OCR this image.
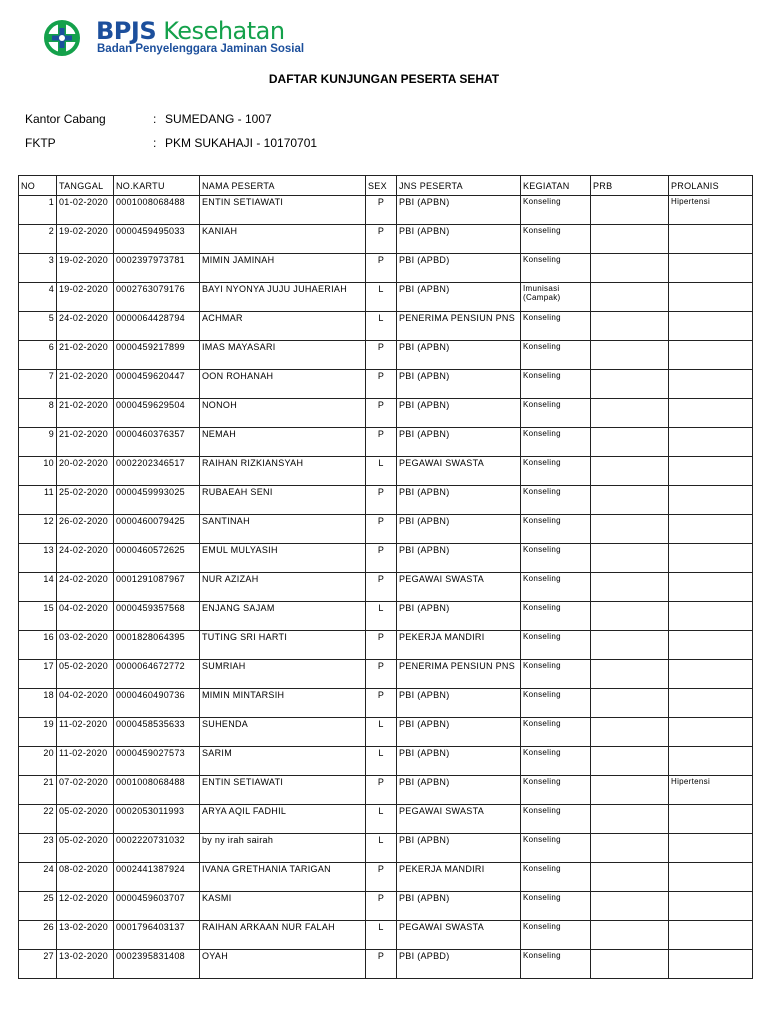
BPJS Kesehatan
Badan Penyelenggara Jaminan Sosial
DAFTAR KUNJUNGAN PESERTA SEHAT
Kantor Cabang	: SUMEDANG - 1007
FKTP	: PKM SUKAHAJI - 10170701
NO	TANGGAL	NO.KARTU	NAMA PESERTA	SEX	JNS PESERTA	KEGIATAN	PRB	PROLANIS
1	01-02-2020	0001008068488	ENTIN SETIAWATI	P	PBI (APBN)	Konseling		Hipertensi
2	19-02-2020	0000459495033	KANIAH	P	PBI (APBN)	Konseling		
3	19-02-2020	0002397973781	MIMIN JAMINAH	P	PBI (APBD)	Konseling		
4	19-02-2020	0002763079176	BAYI NYONYA JUJU JUHAERIAH	L	PBI (APBN)	Imunisasi (Campak)		
5	24-02-2020	0000064428794	ACHMAR	L	PENERIMA PENSIUN PNS	Konseling		
6	21-02-2020	0000459217899	IMAS MAYASARI	P	PBI (APBN)	Konseling		
7	21-02-2020	0000459620447	OON ROHANAH	P	PBI (APBN)	Konseling		
8	21-02-2020	0000459629504	NONOH	P	PBI (APBN)	Konseling		
9	21-02-2020	0000460376357	NEMAH	P	PBI (APBN)	Konseling		
10	20-02-2020	0002202346517	RAIHAN RIZKIANSYAH	L	PEGAWAI SWASTA	Konseling		
11	25-02-2020	0000459993025	RUBAEAH SENI	P	PBI (APBN)	Konseling		
12	26-02-2020	0000460079425	SANTINAH	P	PBI (APBN)	Konseling		
13	24-02-2020	0000460572625	EMUL MULYASIH	P	PBI (APBN)	Konseling		
14	24-02-2020	0001291087967	NUR AZIZAH	P	PEGAWAI SWASTA	Konseling		
15	04-02-2020	0000459357568	ENJANG SAJAM	L	PBI (APBN)	Konseling		
16	03-02-2020	0001828064395	TUTING SRI HARTI	P	PEKERJA MANDIRI	Konseling		
17	05-02-2020	0000064672772	SUMRIAH	P	PENERIMA PENSIUN PNS	Konseling		
18	04-02-2020	0000460490736	MIMIN MINTARSIH	P	PBI (APBN)	Konseling		
19	11-02-2020	0000458535633	SUHENDA	L	PBI (APBN)	Konseling		
20	11-02-2020	0000459027573	SARIM	L	PBI (APBN)	Konseling		
21	07-02-2020	0001008068488	ENTIN SETIAWATI	P	PBI (APBN)	Konseling		Hipertensi
22	05-02-2020	0002053011993	ARYA AQIL FADHIL	L	PEGAWAI SWASTA	Konseling		
23	05-02-2020	0002220731032	by ny irah sairah	L	PBI (APBN)	Konseling		
24	08-02-2020	0002441387924	IVANA GRETHANIA TARIGAN	P	PEKERJA MANDIRI	Konseling		
25	12-02-2020	0000459603707	KASMI	P	PBI (APBN)	Konseling		
26	13-02-2020	0001796403137	RAIHAN ARKAAN NUR FALAH	L	PEGAWAI SWASTA	Konseling		
27	13-02-2020	0002395831408	OYAH	P	PBI (APBD)	Konseling		
